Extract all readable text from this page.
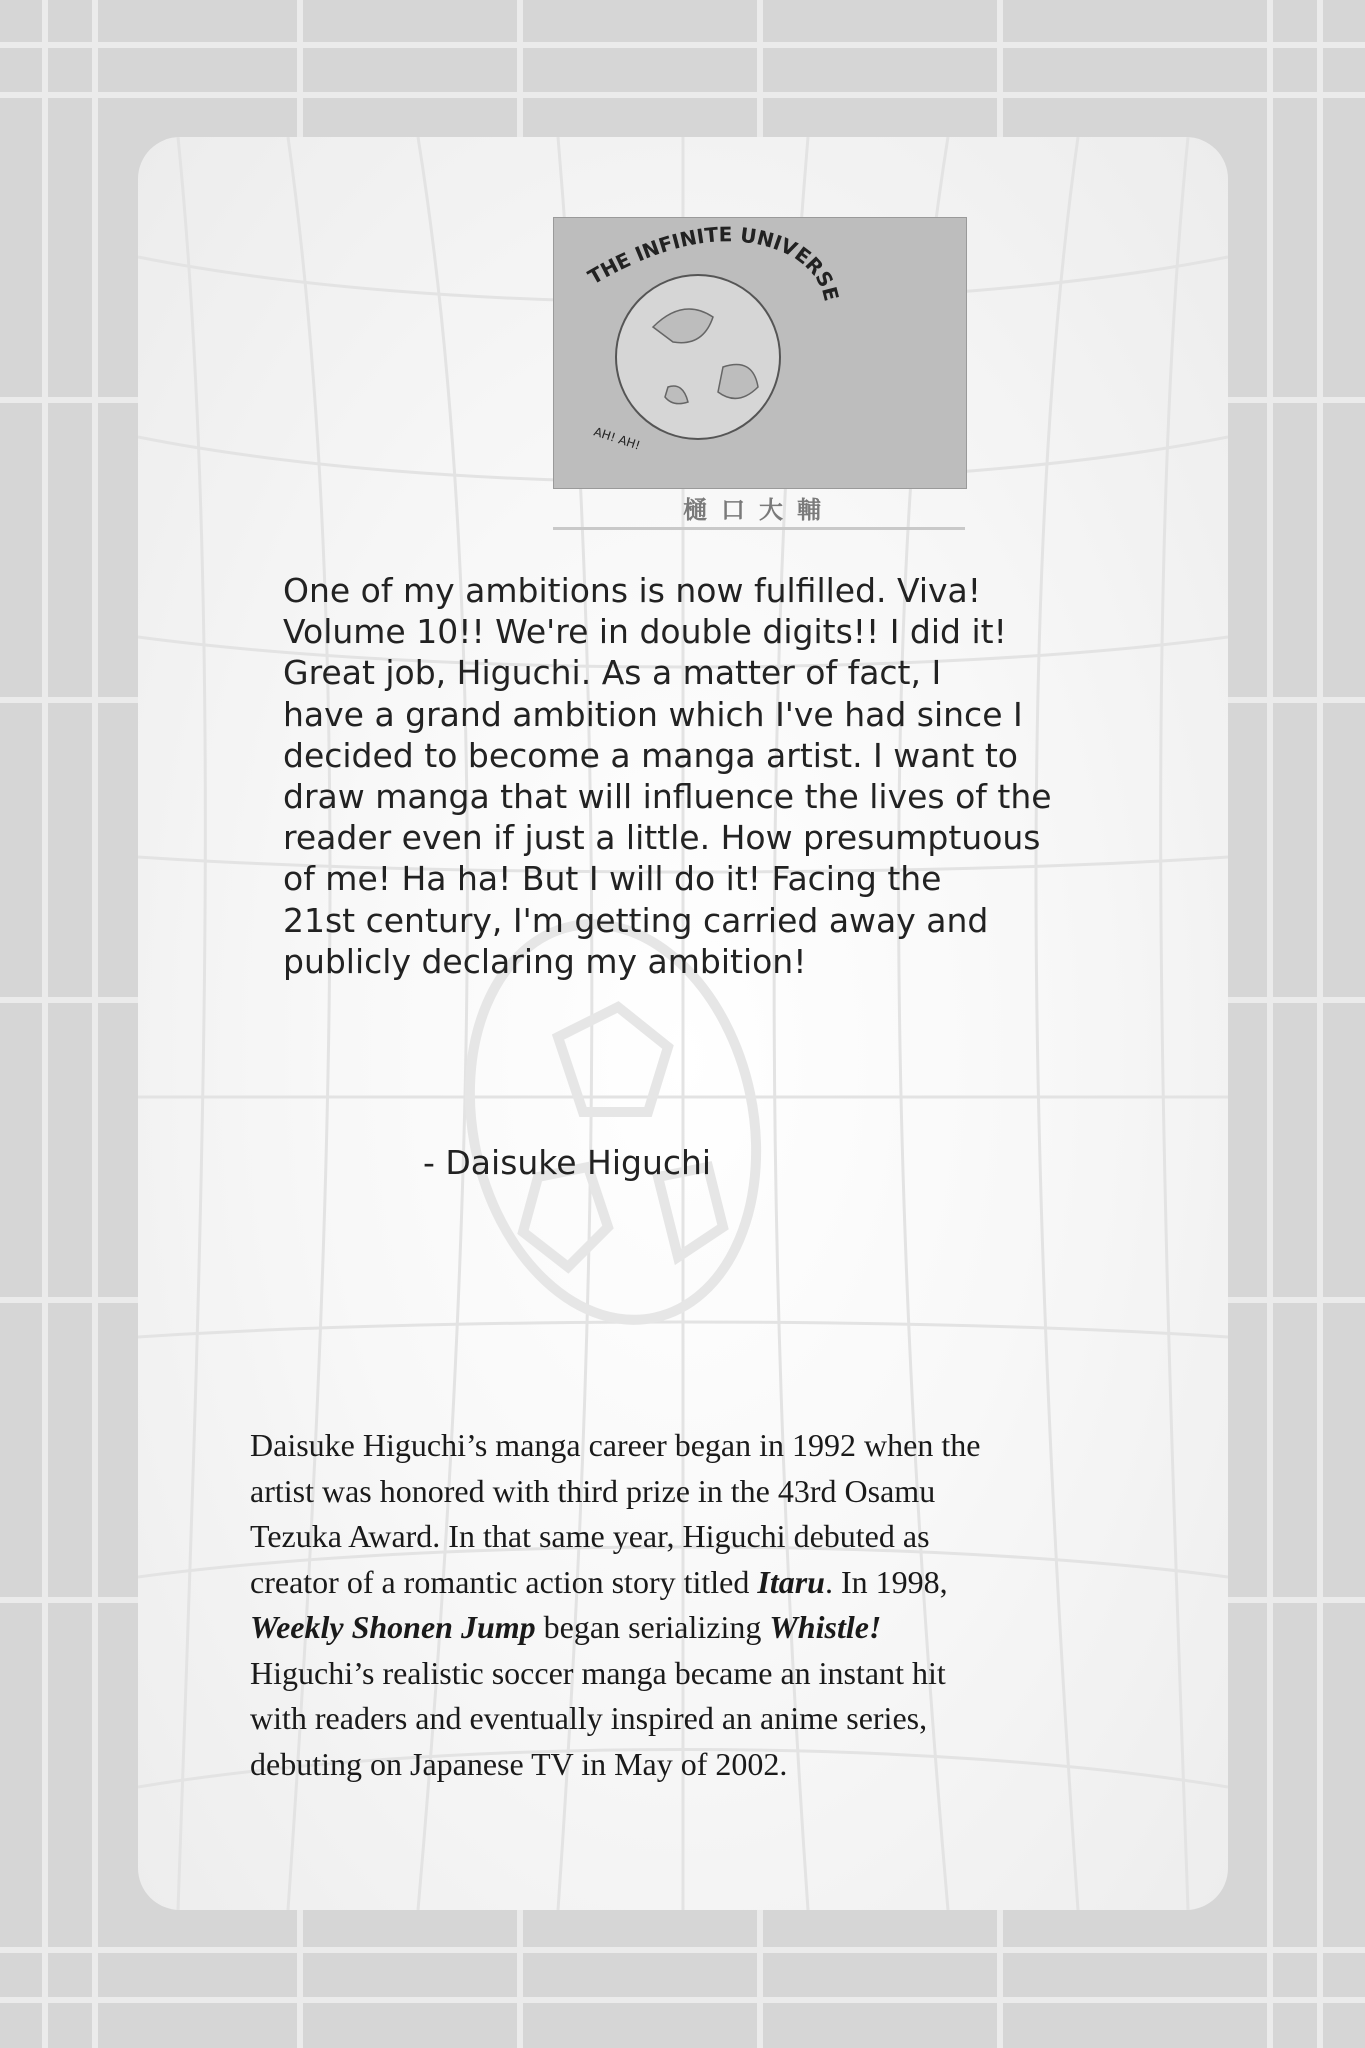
THE INFINITE UNIVERSE
AH! AH!
樋口大輔
One of my ambitions is now fulfilled. Viva!
Volume 10!! We're in double digits!! I did it!
Great job, Higuchi. As a matter of fact, I
have a grand ambition which I've had since I
decided to become a manga artist. I want to
draw manga that will influence the lives of the
reader even if just a little. How presumptuous
of me! Ha ha! But I will do it! Facing the
21st century, I'm getting carried away and
publicly declaring my ambition!
- Daisuke Higuchi
Daisuke Higuchi’s manga career began in 1992 when the
artist was honored with third prize in the 43rd Osamu
Tezuka Award. In that same year, Higuchi debuted as
creator of a romantic action story titled Itaru. In 1998,
Weekly Shonen Jump began serializing Whistle!
Higuchi’s realistic soccer manga became an instant hit
with readers and eventually inspired an anime series,
debuting on Japanese TV in May of 2002.
